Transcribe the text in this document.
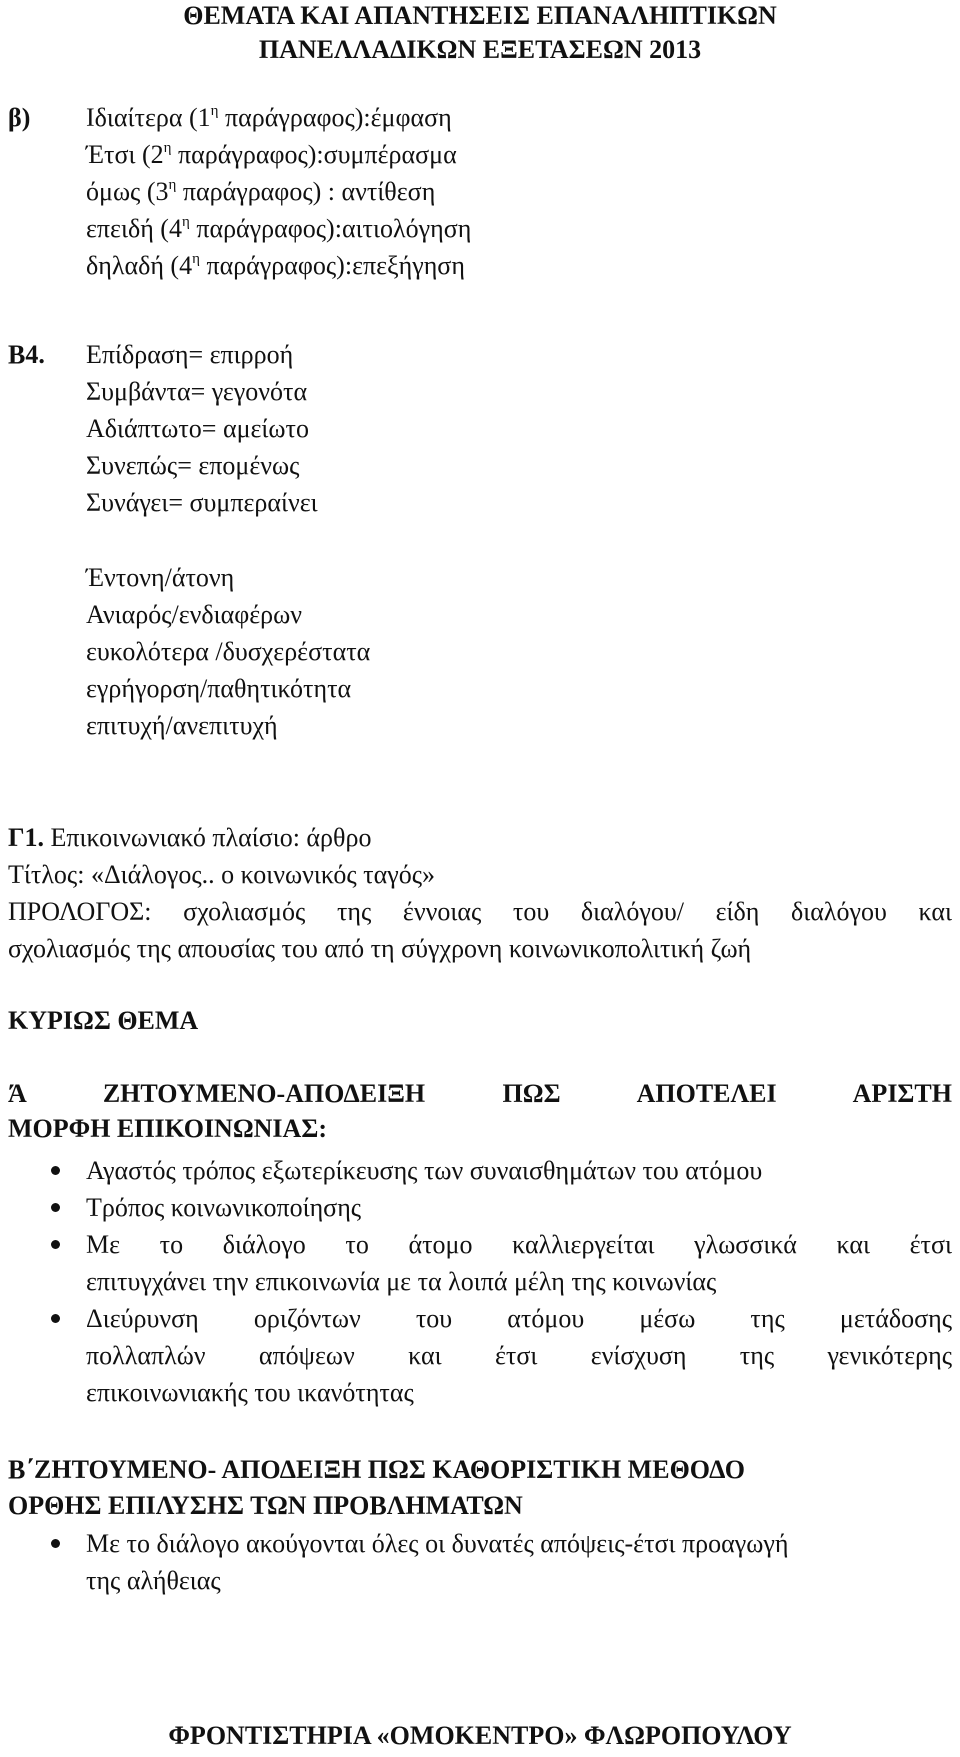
ΘΕΜΑΤΑ ΚΑΙ ΑΠΑΝΤΗΣΕΙΣ ΕΠΑΝΑΛΗΠΤΙΚΩΝ
ΠΑΝΕΛΛΑΔΙΚΩΝ ΕΞΕΤΑΣΕΩΝ 2013
β) Ιδιαίτερα ($1^\eta$ παράγραφος):έμφαση
Έτσι ($2^\eta$ παράγραφος):συμπέρασμα
όμως ($3^\eta$ παράγραφος) : αντίθεση
επειδή ($4^\eta$ παράγραφος):αιτιολόγηση
δηλαδή ($4^\eta$ παράγραφος):επεξήγηση
Β4. Επίδραση= επιρροή
Συμβάντα= γεγονότα
Αδιάπτωτο= αμείωτο
Συνεπώς= επομένως
Συνάγει= συμπεραίνει
Έντονη/άτονη
Ανιαρός/ενδιαφέρων
ευκολότερα /δυσχερέστατα
εγρήγορση/παθητικότητα
επιτυχή/ανεπιτυχή
Γ1. Επικοινωνιακό πλαίσιο: άρθρο
Τίτλος: «Διάλογος.. ο κοινωνικός ταγός»
ΠΡΟΛΟΓΟΣ: σχολιασμός της έννοιας του διαλόγου/ είδη διαλόγου και
σχολιασμός της απουσίας του από τη σύγχρονη κοινωνικοπολιτική ζωή
ΚΥΡΙΩΣ ΘΕΜΑ
Ά ΖΗΤΟΥΜΕΝΟ-ΑΠΟΔΕΙΞΗ ΠΩΣ ΑΠΟΤΕΛΕΙ ΑΡΙΣΤΗ
ΜΟΡΦΗ ΕΠΙΚΟΙΝΩΝΙΑΣ:
Αγαστός τρόπος εξωτερίκευσης των συναισθημάτων του ατόμου
Τρόπος κοινωνικοποίησης
Με το διάλογο το άτομο καλλιεργείται γλωσσικά και έτσι
επιτυγχάνει την επικοινωνία με τα λοιπά μέλη της κοινωνίας
Διεύρυνση οριζόντων του ατόμου μέσω της μετάδοσης
πολλαπλών απόψεων και έτσι ενίσχυση της γενικότερης
επικοινωνιακής του ικανότητας
Β΄ΖΗΤΟΥΜΕΝΟ- ΑΠΟΔΕΙΞΗ ΠΩΣ ΚΑΘΟΡΙΣΤΙΚΗ ΜΕΘΟΔΟ
ΟΡΘΗΣ ΕΠΙΛΥΣΗΣ ΤΩΝ ΠΡΟΒΛΗΜΑΤΩΝ
Με το διάλογο ακούγονται όλες οι δυνατές απόψεις-έτσι προαγωγή
της αλήθειας
ΦΡΟΝΤΙΣΤΗΡΙΑ «ΟΜΟΚΕΝΤΡΟ» ΦΛΩΡΟΠΟΥΛΟΥ
